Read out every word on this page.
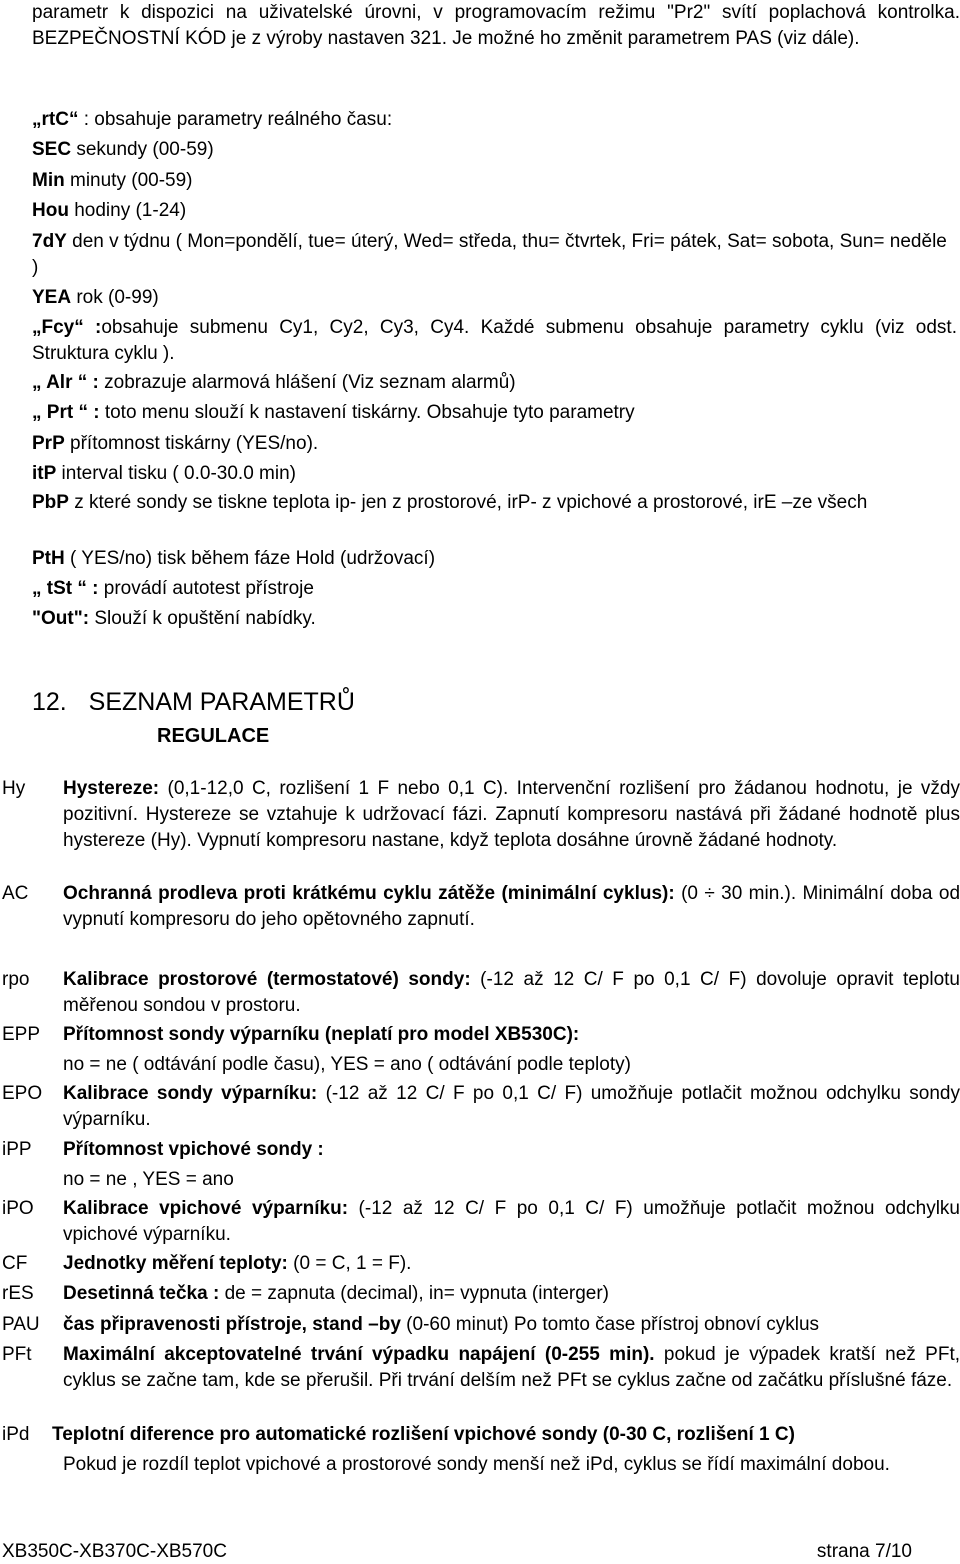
parametr k dispozici na uživatelské úrovni, v programovacím režimu "Pr2" svítí poplachová kontrolka. BEZPEČNOSTNÍ KÓD je z výroby nastaven 321. Je možné ho změnit parametrem PAS (viz dále).
„rtC“ : obsahuje parametry reálného času:
SEC sekundy (00-59)
Min minuty (00-59)
Hou hodiny (1-24)
7dY den v týdnu ( Mon=pondělí, tue= úterý, Wed= středa, thu= čtvrtek, Fri= pátek, Sat= sobota, Sun= neděle )
YEA rok (0-99)
„Fcy“ :obsahuje submenu Cy1, Cy2, Cy3, Cy4. Každé submenu obsahuje parametry cyklu (viz odst. Struktura cyklu ).
„ Alr “ : zobrazuje alarmová hlášení (Viz seznam alarmů)
„ Prt “ : toto menu slouží k nastavení tiskárny. Obsahuje tyto parametry
PrP přítomnost tiskárny (YES/no).
itP interval tisku ( 0.0-30.0 min)
PbP z které sondy se tiskne teplota ip- jen z prostorové, irP- z vpichové a prostorové, irE –ze všech
PtH ( YES/no) tisk během fáze Hold (udržovací)
„ tSt “ : provádí autotest přístroje
"Out": Slouží k opuštění nabídky.
12. SEZNAM PARAMETRŮ
REGULACE
Hy	Hystereze: (0,1-12,0 C, rozlišení 1 F nebo 0,1 C). Intervenční rozlišení pro žádanou hodnotu, je vždy pozitivní. Hystereze se vztahuje k udržovací fázi. Zapnutí kompresoru nastává při žádané hodnotě plus hystereze (Hy). Vypnutí kompresoru nastane, když teplota dosáhne úrovně žádané hodnoty.
AC	Ochranná prodleva proti krátkému cyklu zátěže (minimální cyklus): (0 ÷ 30 min.). Minimální doba od vypnutí kompresoru do jeho opětovného zapnutí.
rpo	Kalibrace prostorové (termostatové) sondy: (-12 až 12 C/ F po 0,1 C/ F) dovoluje opravit teplotu měřenou sondou v prostoru.
EPP	Přítomnost sondy výparníku (neplatí pro model XB530C):
no = ne ( odtávání podle času), YES = ano ( odtávání podle teploty)
EPO	Kalibrace sondy výparníku: (-12 až 12 C/ F po 0,1 C/ F) umožňuje potlačit možnou odchylku sondy výparníku.
iPP	Přítomnost vpichové sondy :
no = ne , YES = ano
iPO	Kalibrace vpichové výparníku: (-12 až 12 C/ F po 0,1 C/ F) umožňuje potlačit možnou odchylku vpichové výparníku.
CF	Jednotky měření teploty: (0 = C, 1 = F).
rES	Desetinná tečka : de = zapnuta (decimal), in= vypnuta (interger)
PAU	čas připravenosti přístroje, stand –by (0-60 minut) Po tomto čase přístroj obnoví cyklus
PFt	Maximální akceptovatelné trvání výpadku napájení (0-255 min). pokud je výpadek kratší než PFt, cyklus se začne tam, kde se přerušil. Při trvání delším než PFt se cyklus začne od začátku příslušné fáze.
iPd	Teplotní diference pro automatické rozlišení vpichové sondy (0-30 C, rozlišení 1 C)
Pokud je rozdíl teplot vpichové a prostorové sondy menší než iPd, cyklus se řídí maximální dobou.
XB350C-XB370C-XB570C	strana 7/10
